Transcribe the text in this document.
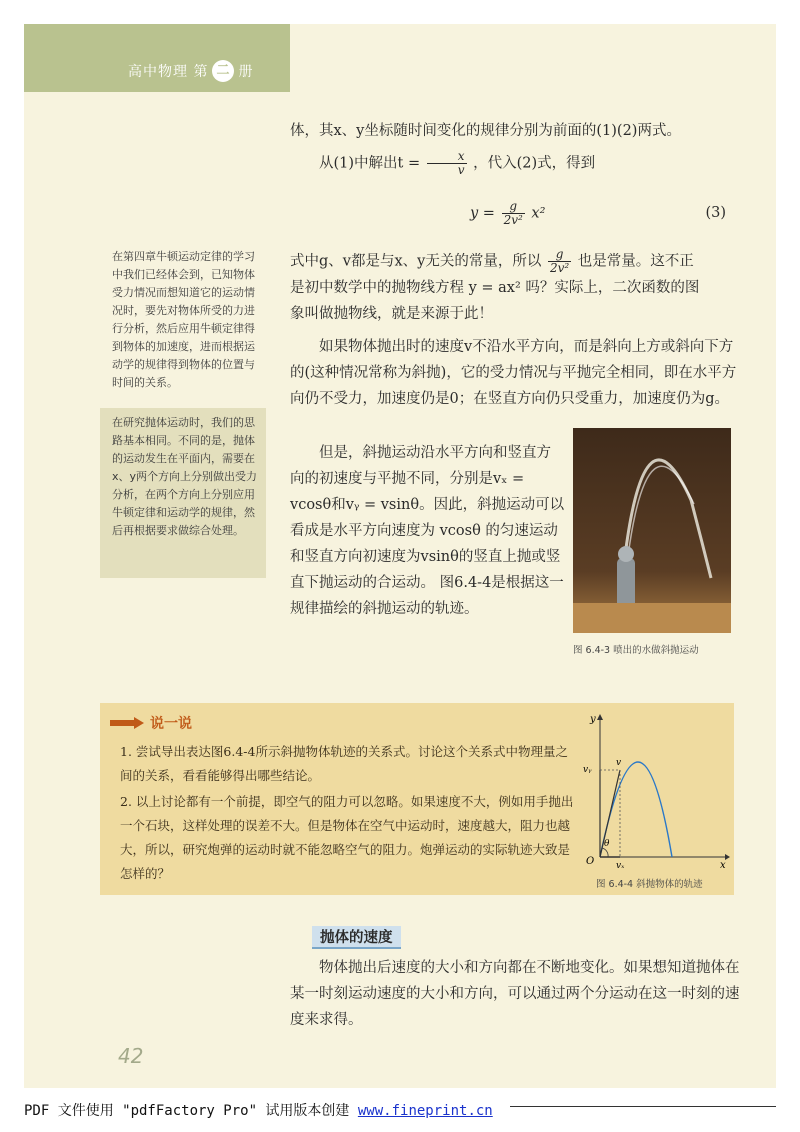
高中物理 第 二 册
体，其x、y坐标随时间变化的规律分别为前面的(1)(2)两式。
从(1)中解出$t = \frac{x}{v}$ ，代入(2)式，得到
$y = \frac{g}{\text{2v²}} x^2$	(3)
式中g、v都是与x、y无关的常量，所以 $\frac{g}{\text{2v²}}$ 也是常量。这不正
是初中数学中的抛物线方程 y = ax² 吗？实际上，二次函数的图
象叫做抛物线，就是来源于此！
如果物体抛出时的速度v不沿水平方向，而是斜向上方或斜向下方的(这种情况常称为斜抛)，它的受力情况与平抛完全相同，即在水平方向仍不受力，加速度仍是0；在竖直方向仍只受重力，加速度仍为g。
但是，斜抛运动沿水平方向和竖直方向的初速度与平抛不同，分别是vₓ = vcosθ和vᵧ = vsinθ。因此，斜抛运动可以看成是水平方向速度为 vcosθ 的匀速运动和竖直方向初速度为vsinθ的竖直上抛或竖直下抛运动的合运动。 图6.4-4是根据这一规律描绘的斜抛运动的轨迹。
在第四章牛顿运动定律的学习中我们已经体会到，已知物体受力情况而想知道它的运动情况时，要先对物体所受的力进行分析，然后应用牛顿定律得到物体的加速度，进而根据运动学的规律得到物体的位置与时间的关系。
在研究抛体运动时，我们的思路基本相同。不同的是，抛体的运动发生在平面内，需要在x、y两个方向上分别做出受力分析，在两个方向上分别应用牛顿定律和运动学的规律，然后再根据要求做综合处理。
图 6.4-3 喷出的水做斜抛运动
说一说
1. 尝试导出表达图6.4-4所示斜抛物体轨迹的关系式。讨论这个关系式中物理量之间的关系，看看能够得出哪些结论。
2. 以上讨论都有一个前提，即空气的阻力可以忽略。如果速度不大，例如用手抛出一个石块，这样处理的误差不大。但是物体在空气中运动时，速度越大，阻力也越大，所以，研究炮弹的运动时就不能忽略空气的阻力。炮弹运动的实际轨迹大致是怎样的？
y
x
O
vᵧ
v
vₓ
θ
图 6.4-4 斜抛物体的轨迹
抛体的速度
物体抛出后速度的大小和方向都在不断地变化。如果想知道抛体在某一时刻运动速度的大小和方向，可以通过两个分运动在这一时刻的速度来求得。
42
PDF 文件使用 "pdfFactory Pro" 试用版本创建 www.fineprint.cn
